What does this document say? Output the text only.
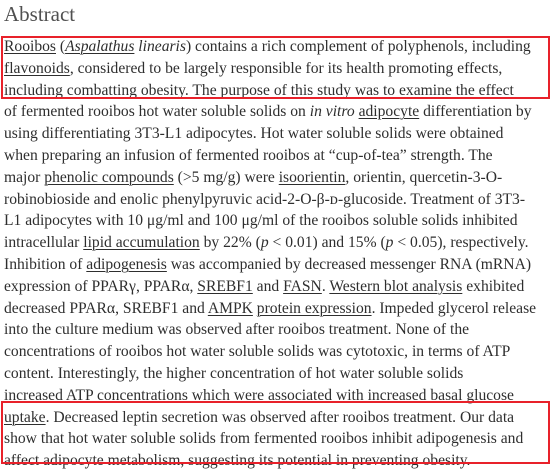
Abstract
Rooibos (Aspalathus linearis) contains a rich complement of polyphenols, including
flavonoids, considered to be largely responsible for its health promoting effects,
including combatting obesity. The purpose of this study was to examine the effect
of fermented rooibos hot water soluble solids on in vitro adipocyte differentiation by
using differentiating 3T3-L1 adipocytes. Hot water soluble solids were obtained
when preparing an infusion of fermented rooibos at “cup-of-tea” strength. The
major phenolic compounds (>5 mg/g) were isoorientin, orientin, quercetin-3-O-
robinobioside and enolic phenylpyruvic acid-2-O-β-ᴅ-glucoside. Treatment of 3T3-
L1 adipocytes with 10 μg/ml and 100 μg/ml of the rooibos soluble solids inhibited
intracellular lipid accumulation by 22% (p < 0.01) and 15% (p < 0.05), respectively.
Inhibition of adipogenesis was accompanied by decreased messenger RNA (mRNA)
expression of PPARγ, PPARα, SREBF1 and FASN. Western blot analysis exhibited
decreased PPARα, SREBF1 and AMPK protein expression. Impeded glycerol release
into the culture medium was observed after rooibos treatment. None of the
concentrations of rooibos hot water soluble solids was cytotoxic, in terms of ATP
content. Interestingly, the higher concentration of hot water soluble solids
increased ATP concentrations which were associated with increased basal glucose
uptake. Decreased leptin secretion was observed after rooibos treatment. Our data
show that hot water soluble solids from fermented rooibos inhibit adipogenesis and
affect adipocyte metabolism, suggesting its potential in preventing obesity.
